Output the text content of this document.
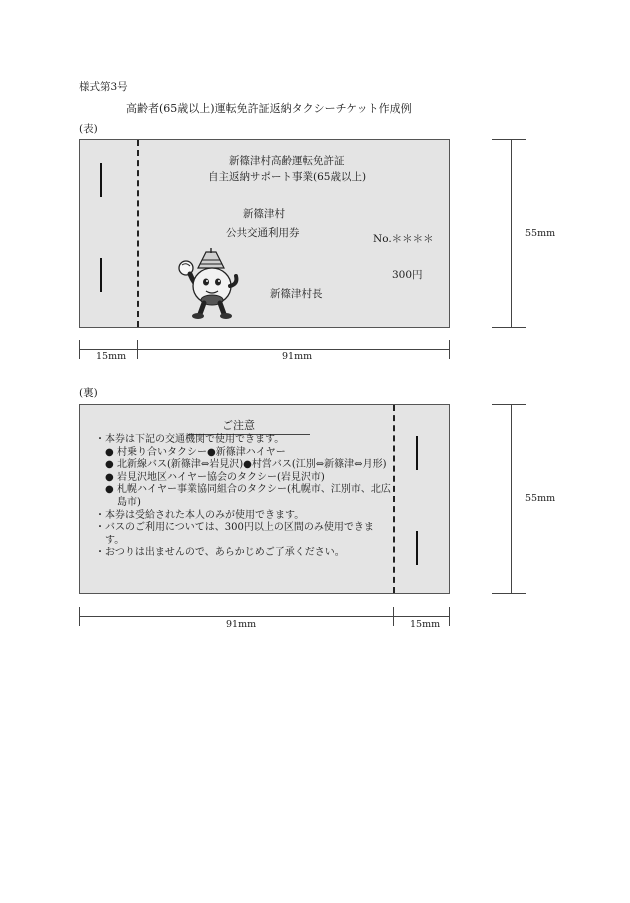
様式第3号
高齢者(65歳以上)運転免許証返納タクシーチケット作成例
(表)
新篠津村高齢運転免許証
自主返納サポート事業(65歳以上)
新篠津村
公共交通利用券	No.＊＊＊＊
300円
新篠津村長
15mm	91mm
55mm
(裏)
ご注意
・ 本券は下記の交通機関で使用できます。
● 村乗り合いタクシー●新篠津ハイヤー
● 北新線バス(新篠津⇔岩見沢)●村営バス(江別⇔新篠津⇔月形)
● 岩見沢地区ハイヤー協会のタクシー(岩見沢市)
● 札幌ハイヤー事業協同組合のタクシー(札幌市、江別市、北広島市)
・ 本券は受給された本人のみが使用できます。
・ バスのご利用については、300円以上の区間のみ使用できます。
・ おつりは出ませんので、あらかじめご了承ください。
91mm	15mm
55mm
